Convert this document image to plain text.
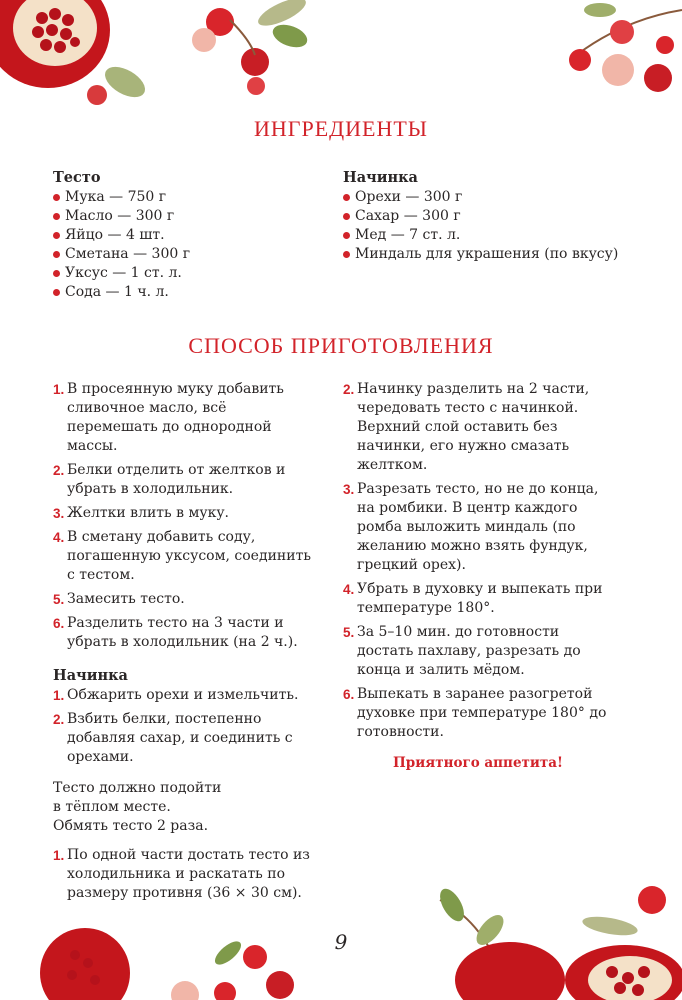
ИНГРЕДИЕНТЫ
Тесто
Мука — 750 г
Масло — 300 г
Яйцо — 4 шт.
Сметана — 300 г
Уксус — 1 ст. л.
Сода — 1 ч. л.
Начинка
Орехи — 300 г
Сахар — 300 г
Мед — 7 ст. л.
Миндаль для украшения (по вкусу)
СПОСОБ ПРИГОТОВЛЕНИЯ
1. В просеянную муку добавить сливочное масло, всё перемешать до однородной массы.
2. Белки отделить от желтков и убрать в холодильник.
3. Желтки влить в муку.
4. В сметану добавить соду, погашенную уксусом, соединить с тестом.
5. Замесить тесто.
6. Разделить тесто на 3 части и убрать в холодильник (на 2 ч.).
Начинка
1. Обжарить орехи и измельчить.
2. Взбить белки, постепенно добавляя сахар, и соединить с орехами.
Тесто должно подойти
в тёплом месте.
Обмять тесто 2 раза.
1. По одной части достать тесто из холодильника и раскатать по размеру противня (36 × 30 см).
2. Начинку разделить на 2 части, чередовать тесто с начинкой. Верхний слой оставить без начинки, его нужно смазать желтком.
3. Разрезать тесто, но не до конца, на ромбики. В центр каждого ромба выложить миндаль (по желанию можно взять фундук, грецкий орех).
4. Убрать в духовку и выпекать при температуре 180°.
5. За 5–10 мин. до готовности достать пахлаву, разрезать до конца и залить мёдом.
6. Выпекать в заранее разогретой духовке при температуре 180° до готовности.
Приятного аппетита!
9
